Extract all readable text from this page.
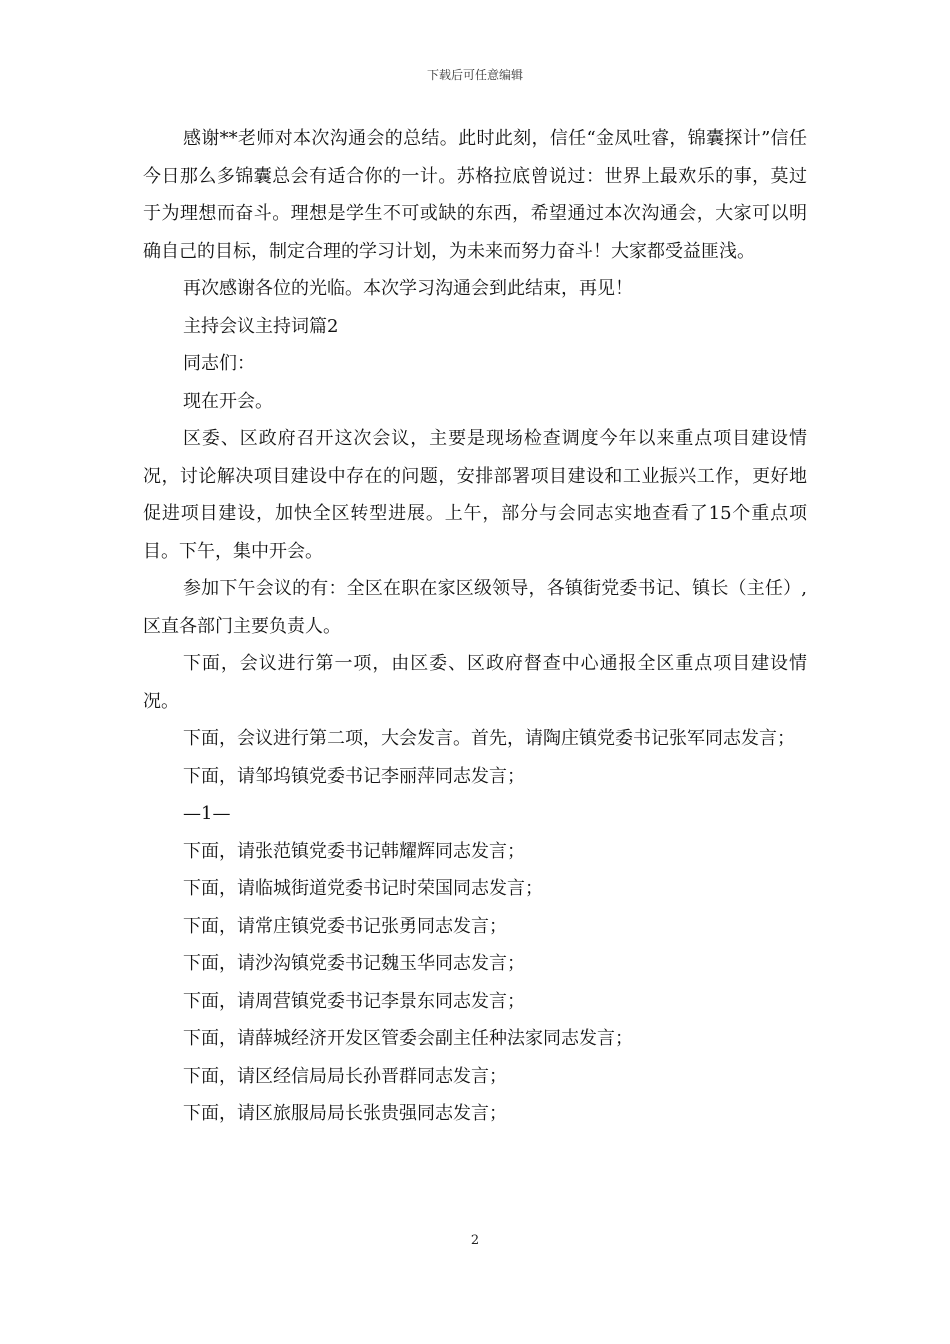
下载后可任意编辑

感谢**老师对本次沟通会的总结。此时此刻，信任“金凤吐睿，锦囊探计”信任今日那么多锦囊总会有适合你的一计。苏格拉底曾说过：世界上最欢乐的事，莫过于为理想而奋斗。理想是学生不可或缺的东西，希望通过本次沟通会，大家可以明确自己的目标，制定合理的学习计划，为未来而努力奋斗！大家都受益匪浅。

再次感谢各位的光临。本次学习沟通会到此结束，再见！

主持会议主持词篇2

同志们：

现在开会。

区委、区政府召开这次会议，主要是现场检查调度今年以来重点项目建设情况，讨论解决项目建设中存在的问题，安排部署项目建设和工业振兴工作，更好地促进项目建设，加快全区转型进展。上午，部分与会同志实地查看了15个重点项目。下午，集中开会。

参加下午会议的有：全区在职在家区级领导，各镇街党委书记、镇长（主任）,区直各部门主要负责人。

下面，会议进行第一项，由区委、区政府督查中心通报全区重点项目建设情况。

下面，会议进行第二项，大会发言。首先，请陶庄镇党委书记张军同志发言；

下面，请邹坞镇党委书记李丽萍同志发言；

—1—

下面，请张范镇党委书记韩耀辉同志发言；

下面，请临城街道党委书记时荣国同志发言；

下面，请常庄镇党委书记张勇同志发言；

下面，请沙沟镇党委书记魏玉华同志发言；

下面，请周营镇党委书记李景东同志发言；

下面，请薛城经济开发区管委会副主任种法家同志发言；

下面，请区经信局局长孙晋群同志发言；

下面，请区旅服局局长张贵强同志发言；

2
